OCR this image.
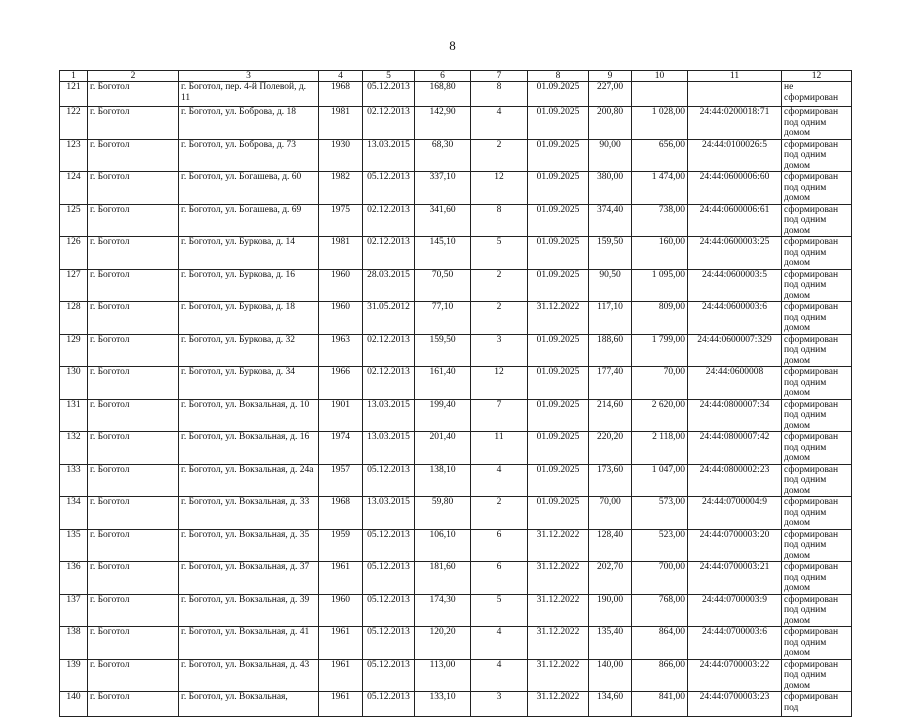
8
1	2	3	4	5	6	7	8	9	10	11	12
121	г. Боготол	г. Боготол, пер. 4-й Полевой, д. 11	1968	05.12.2013	168,80	8	01.09.2025	227,00			не сформирован
122	г. Боготол	г. Боготол, ул. Боброва, д. 18	1981	02.12.2013	142,90	4	01.09.2025	200,80	1 028,00	24:44:0200018:71	сформирован под одним домом
123	г. Боготол	г. Боготол, ул. Боброва, д. 73	1930	13.03.2015	68,30	2	01.09.2025	90,00	656,00	24:44:0100026:5	сформирован под одним домом
124	г. Боготол	г. Боготол, ул. Богашева, д. 60	1982	05.12.2013	337,10	12	01.09.2025	380,00	1 474,00	24:44:0600006:60	сформирован под одним домом
125	г. Боготол	г. Боготол, ул. Богашева, д. 69	1975	02.12.2013	341,60	8	01.09.2025	374,40	738,00	24:44:0600006:61	сформирован под одним домом
126	г. Боготол	г. Боготол, ул. Буркова, д. 14	1981	02.12.2013	145,10	5	01.09.2025	159,50	160,00	24:44:0600003:25	сформирован под одним домом
127	г. Боготол	г. Боготол, ул. Буркова, д. 16	1960	28.03.2015	70,50	2	01.09.2025	90,50	1 095,00	24:44:0600003:5	сформирован под одним домом
128	г. Боготол	г. Боготол, ул. Буркова, д. 18	1960	31.05.2012	77,10	2	31.12.2022	117,10	809,00	24:44:0600003:6	сформирован под одним домом
129	г. Боготол	г. Боготол, ул. Буркова, д. 32	1963	02.12.2013	159,50	3	01.09.2025	188,60	1 799,00	24:44:0600007:329	сформирован под одним домом
130	г. Боготол	г. Боготол, ул. Буркова, д. 34	1966	02.12.2013	161,40	12	01.09.2025	177,40	70,00	24:44:0600008	сформирован под одним домом
131	г. Боготол	г. Боготол, ул. Вокзальная, д. 10	1901	13.03.2015	199,40	7	01.09.2025	214,60	2 620,00	24:44:0800007:34	сформирован под одним домом
132	г. Боготол	г. Боготол, ул. Вокзальная, д. 16	1974	13.03.2015	201,40	11	01.09.2025	220,20	2 118,00	24:44:0800007:42	сформирован под одним домом
133	г. Боготол	г. Боготол, ул. Вокзальная, д. 24а	1957	05.12.2013	138,10	4	01.09.2025	173,60	1 047,00	24:44:0800002:23	сформирован под одним домом
134	г. Боготол	г. Боготол, ул. Вокзальная, д. 33	1968	13.03.2015	59,80	2	01.09.2025	70,00	573,00	24:44:0700004:9	сформирован под одним домом
135	г. Боготол	г. Боготол, ул. Вокзальная, д. 35	1959	05.12.2013	106,10	6	31.12.2022	128,40	523,00	24:44:0700003:20	сформирован под одним домом
136	г. Боготол	г. Боготол, ул. Вокзальная, д. 37	1961	05.12.2013	181,60	6	31.12.2022	202,70	700,00	24:44:0700003:21	сформирован под одним домом
137	г. Боготол	г. Боготол, ул. Вокзальная, д. 39	1960	05.12.2013	174,30	5	31.12.2022	190,00	768,00	24:44:0700003:9	сформирован под одним домом
138	г. Боготол	г. Боготол, ул. Вокзальная, д. 41	1961	05.12.2013	120,20	4	31.12.2022	135,40	864,00	24:44:0700003:6	сформирован под одним домом
139	г. Боготол	г. Боготол, ул. Вокзальная, д. 43	1961	05.12.2013	113,00	4	31.12.2022	140,00	866,00	24:44:0700003:22	сформирован под одним домом
140	г. Боготол	г. Боготол, ул. Вокзальная,	1961	05.12.2013	133,10	3	31.12.2022	134,60	841,00	24:44:0700003:23	сформирован под
